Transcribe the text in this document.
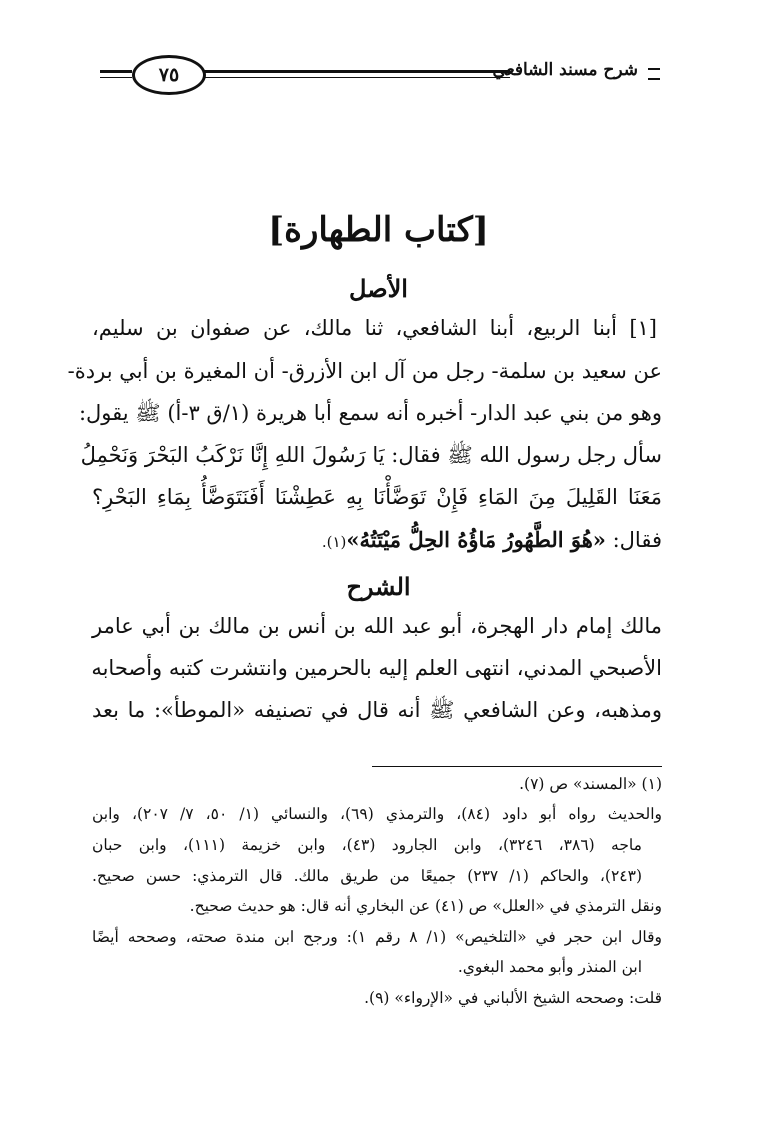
شرح مسند الشافعي
٧٥
[كتاب الطهارة]
الأصل
[١] أبنا الربيع، أبنا الشافعي، ثنا مالك، عن صفوان بن سليم،
عن سعيد بن سلمة- رجل من آل ابن الأزرق- أن المغيرة بن أبي بردة-
وهو من بني عبد الدار- أخبره أنه سمع أبا هريرة (١/ق ٣-أ) ﷺ يقول:
سأل رجل رسول الله ﷺ فقال: يَا رَسُولَ اللهِ إِنَّا نَرْكَبُ البَحْرَ وَنَحْمِلُ
مَعَنَا القَلِيلَ مِنَ المَاءِ فَإِنْ تَوَضَّأْنَا بِهِ عَطِشْنَا أَفَنَتَوَضَّأُ بِمَاءِ البَحْرِ؟
فقال: «هُوَ الطَّهُورُ مَاؤُهُ الحِلُّ مَيْتَتُهُ»(١).
الشرح
مالك إمام دار الهجرة، أبو عبد الله بن أنس بن مالك بن أبي عامر
الأصبحي المدني، انتهى العلم إليه بالحرمين وانتشرت كتبه وأصحابه
ومذهبه، وعن الشافعي ﷺ أنه قال في تصنيفه «الموطأ»: ما بعد
(١) «المسند» ص (٧).
والحديث رواه أبو داود (٨٤)، والترمذي (٦٩)، والنسائي (١/ ٥٠، ٧/ ٢٠٧)، وابن
ماجه (٣٨٦، ٣٢٤٦)، وابن الجارود (٤٣)، وابن خزيمة (١١١)، وابن حبان
(٢٤٣)، والحاكم (١/ ٢٣٧) جميعًا من طريق مالك. قال الترمذي: حسن صحيح.
ونقل الترمذي في «العلل» ص (٤١) عن البخاري أنه قال: هو حديث صحيح.
وقال ابن حجر في «التلخيص» (١/ ٨ رقم ١): ورجح ابن مندة صحته، وصححه أيضًا
ابن المنذر وأبو محمد البغوي.
قلت: وصححه الشيخ الألباني في «الإرواء» (٩).
